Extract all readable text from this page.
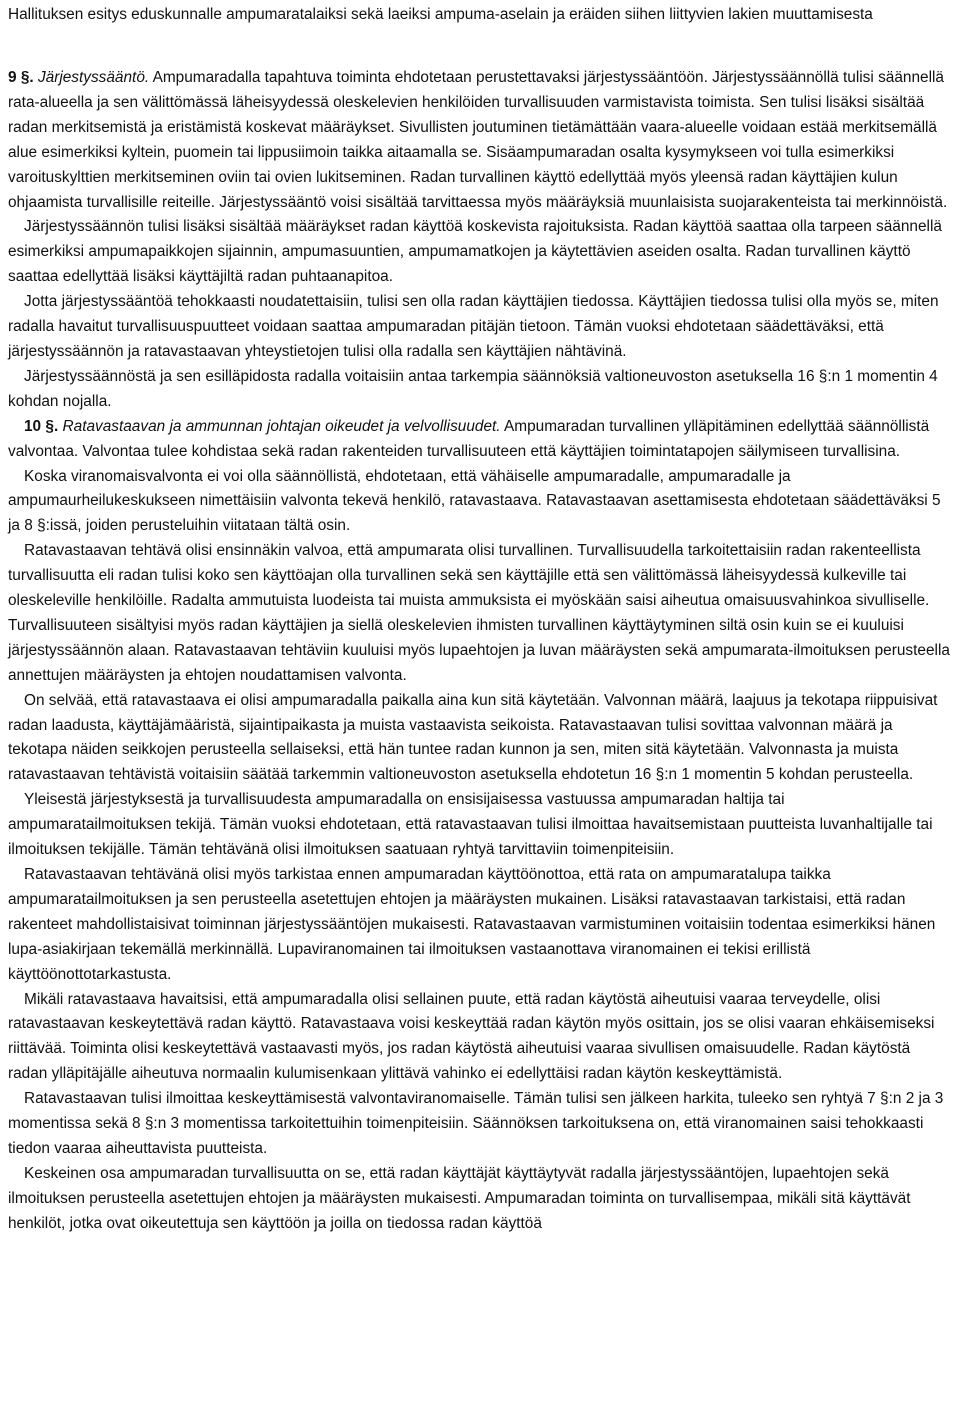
Hallituksen esitys eduskunnalle ampumaratalaiksi sekä laeiksi ampuma-aselain ja eräiden siihen liittyvien lakien muuttamisesta

9 §. Järjestyssääntö. Ampumaradalla tapahtuva toiminta ehdotetaan perustettavaksi järjestyssääntöön. Järjestyssäännöllä tulisi säännellä rata-alueella ja sen välittömässä läheisyydessä oleskelevien henkilöiden turvallisuuden varmistavista toimista. Sen tulisi lisäksi sisältää radan merkitsemistä ja eristämistä koskevat määräykset. Sivullisten joutuminen tietämättään vaara-alueelle voidaan estää merkitsemällä alue esimerkiksi kyltein, puomein tai lippusiimoin taikka aitaamalla se. Sisäampumaradan osalta kysymykseen voi tulla esimerkiksi varoituskylttien merkitseminen oviin tai ovien lukitseminen. Radan turvallinen käyttö edellyttää myös yleensä radan käyttäjien kulun ohjaamista turvallisille reiteille. Järjestyssääntö voisi sisältää tarvittaessa myös määräyksiä muunlaisista suojarakenteista tai merkinnöistä.

Järjestyssäännön tulisi lisäksi sisältää määräykset radan käyttöä koskevista rajoituksista. Radan käyttöä saattaa olla tarpeen säännellä esimerkiksi ampumapaikkojen sijainnin, ampumasuuntien, ampumamatkojen ja käytettävien aseiden osalta. Radan turvallinen käyttö saattaa edellyttää lisäksi käyttäjiltä radan puhtaanapitoa.

Jotta järjestyssääntöä tehokkaasti noudatettaisiin, tulisi sen olla radan käyttäjien tiedossa. Käyttäjien tiedossa tulisi olla myös se, miten radalla havaitut turvallisuuspuutteet voidaan saattaa ampumaradan pitäjän tietoon. Tämän vuoksi ehdotetaan säädettäväksi, että järjestyssäännön ja ratavastaavan yhteystietojen tulisi olla radalla sen käyttäjien nähtävinä.

Järjestyssäännöstä ja sen esilläpidosta radalla voitaisiin antaa tarkempia säännöksiä valtioneuvoston asetuksella 16 §:n 1 momentin 4 kohdan nojalla.

10 §. Ratavastaavan ja ammunnan johtajan oikeudet ja velvollisuudet. Ampumaradan turvallinen ylläpitäminen edellyttää säännöllistä valvontaa. Valvontaa tulee kohdistaa sekä radan rakenteiden turvallisuuteen että käyttäjien toimintatapojen säilymiseen turvallisina.

Koska viranomaisvalvonta ei voi olla säännöllistä, ehdotetaan, että vähäiselle ampumaradalle, ampumaradalle ja ampumaurheilukeskukseen nimettäisiin valvonta tekevä henkilö, ratavastaava. Ratavastaavan asettamisesta ehdotetaan säädettäväksi 5 ja 8 §:issä, joiden perusteluihin viitataan tältä osin.

Ratavastaavan tehtävä olisi ensinnäkin valvoa, että ampumarata olisi turvallinen. Turvallisuudella tarkoitettaisiin radan rakenteellista turvallisuutta eli radan tulisi koko sen käyttöajan olla turvallinen sekä sen käyttäjille että sen välittömässä läheisyydessä kulkeville tai oleskeleville henkilöille. Radalta ammutuista luodeista tai muista ammuksista ei myöskään saisi aiheutua omaisuusvahinkoa sivulliselle. Turvallisuuteen sisältyisi myös radan käyttäjien ja siellä oleskelevien ihmisten turvallinen käyttäytyminen siltä osin kuin se ei kuuluisi järjestyssäännön alaan. Ratavastaavan tehtäviin kuuluisi myös lupaehtojen ja luvan määräysten sekä ampumarata-ilmoituksen perusteella annettujen määräysten ja ehtojen noudattamisen valvonta.

On selvää, että ratavastaava ei olisi ampumaradalla paikalla aina kun sitä käytetään. Valvonnan määrä, laajuus ja tekotapa riippuisivat radan laadusta, käyttäjämääristä, sijaintipaikasta ja muista vastaavista seikoista. Ratavastaavan tulisi sovittaa valvonnan määrä ja tekotapa näiden seikkojen perusteella sellaiseksi, että hän tuntee radan kunnon ja sen, miten sitä käytetään. Valvonnasta ja muista ratavastaavan tehtävistä voitaisiin säätää tarkemmin valtioneuvoston asetuksella ehdotetun 16 §:n 1 momentin 5 kohdan perusteella.

Yleisestä järjestyksestä ja turvallisuudesta ampumaradalla on ensisijaisessa vastuussa ampumaradan haltija tai ampumaratailmoituksen tekijä. Tämän vuoksi ehdotetaan, että ratavastaavan tulisi ilmoittaa havaitsemistaan puutteista luvanhaltijalle tai ilmoituksen tekijälle. Tämän tehtävänä olisi ilmoituksen saatuaan ryhtyä tarvittaviin toimenpiteisiin.

Ratavastaavan tehtävänä olisi myös tarkistaa ennen ampumaradan käyttöönottoa, että rata on ampumaratalupa taikka ampumaratailmoituksen ja sen perusteella asetettujen ehtojen ja määräysten mukainen. Lisäksi ratavastaavan tarkistaisi, että radan rakenteet mahdollistaisivat toiminnan järjestyssääntöjen mukaisesti. Ratavastaavan varmistuminen voitaisiin todentaa esimerkiksi hänen lupa-asiakirjaan tekemällä merkinnällä. Lupaviranomainen tai ilmoituksen vastaanottava viranomainen ei tekisi erillistä käyttöönottotarkastusta.

Mikäli ratavastaava havaitsisi, että ampumaradalla olisi sellainen puute, että radan käytöstä aiheutuisi vaaraa terveydelle, olisi ratavastaavan keskeytettävä radan käyttö. Ratavastaava voisi keskeyttää radan käytön myös osittain, jos se olisi vaaran ehkäisemiseksi riittävää. Toiminta olisi keskeytettävä vastaavasti myös, jos radan käytöstä aiheutuisi vaaraa sivullisen omaisuudelle. Radan käytöstä radan ylläpitäjälle aiheutuva normaalin kulumisenkaan ylittävä vahinko ei edellyttäisi radan käytön keskeyttämistä.

Ratavastaavan tulisi ilmoittaa keskeyttämisestä valvontaviranomaiselle. Tämän tulisi sen jälkeen harkita, tuleeko sen ryhtyä 7 §:n 2 ja 3 momentissa sekä 8 §:n 3 momentissa tarkoitettuihin toimenpiteisiin. Säännöksen tarkoituksena on, että viranomainen saisi tehokkaasti tiedon vaaraa aiheuttavista puutteista.

Keskeinen osa ampumaradan turvallisuutta on se, että radan käyttäjät käyttäytyvät radalla järjestyssääntöjen, lupaehtojen sekä ilmoituksen perusteella asetettujen ehtojen ja määräysten mukaisesti. Ampumaradan toiminta on turvallisempaa, mikäli sitä käyttävät henkilöt, jotka ovat oikeutettuja sen käyttöön ja joilla on tiedossa radan käyttöä
